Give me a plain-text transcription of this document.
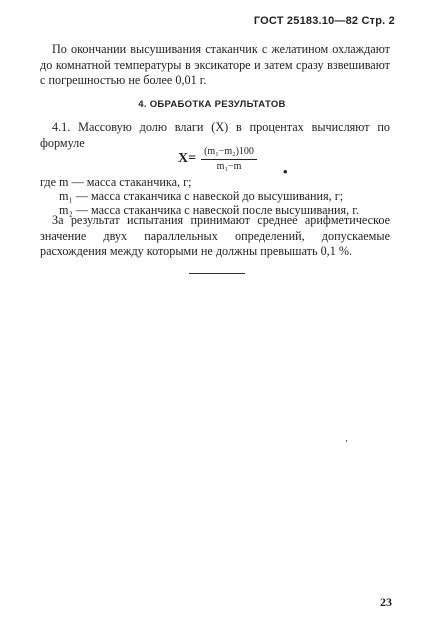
ГОСТ 25183.10—82 Стр. 2
По окончании высушивания стаканчик с желатином охлаждают до комнатной температуры в эксикаторе и затем сразу взвешивают с погрешностью не более 0,01 г.
4. ОБРАБОТКА РЕЗУЛЬТАТОВ
4.1. Массовую долю влаги (X) в процентах вычисляют по формуле
$X= \frac{\text{(m₁−m₂)100}}{\text{m₁−m}}$ •
где m — масса стаканчика, г;
m₁ — масса стаканчика с навеской до высушивания, г;
m₂ — масса стаканчика с навеской после высушивания, г.
За результат испытания принимают среднее арифметическое значение двух параллельных определений, допускаемые расхождения между которыми не должны превышать 0,1 %.
23
